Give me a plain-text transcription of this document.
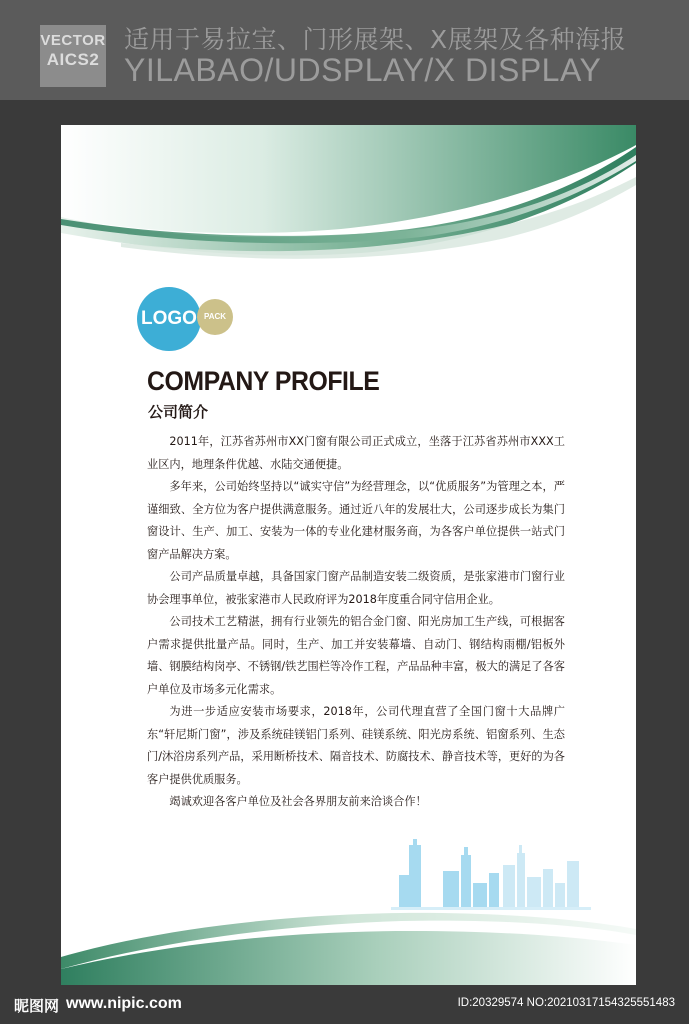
VECTOR
AICS2
适用于易拉宝、门形展架、X展架及各种海报
YILABAO/UDSPLAY/X DISPLAY
LOGO PACK
COMPANY PROFILE
公司简介

2011年，江苏省苏州市XX门窗有限公司正式成立，坐落于江苏省苏州市XXX工业区内，地理条件优越、水陆交通便捷。

多年来，公司始终坚持以“诚实守信”为经营理念，以“优质服务”为管理之本，严谨细致、全方位为客户提供满意服务。通过近八年的发展壮大，公司逐步成长为集门窗设计、生产、加工、安装为一体的专业化建材服务商，为各客户单位提供一站式门窗产品解决方案。

公司产品质量卓越，具备国家门窗产品制造安装二级资质，是张家港市门窗行业协会理事单位，被张家港市人民政府评为2018年度重合同守信用企业。

公司技术工艺精湛，拥有行业领先的铝合金门窗、阳光房加工生产线，可根据客户需求提供批量产品。同时，生产、加工并安装幕墙、自动门、钢结构雨棚/铝板外墙、钢膜结构岗亭、不锈钢/铁艺围栏等冷作工程，产品品种丰富，极大的满足了各客户单位及市场多元化需求。

为进一步适应安装市场要求，2018年，公司代理直营了全国门窗十大品牌广东“轩尼斯门窗”，涉及系统硅镁铝门系列、硅镁系统、阳光房系统、铝窗系列、生态门/沐浴房系列产品，采用断桥技术、隔音技术、防腐技术、静音技术等，更好的为各客户提供优质服务。

竭诚欢迎各客户单位及社会各界朋友前来洽谈合作！

昵图网 www.nipic.com	ID:20329574 NO:20210317154325551483
